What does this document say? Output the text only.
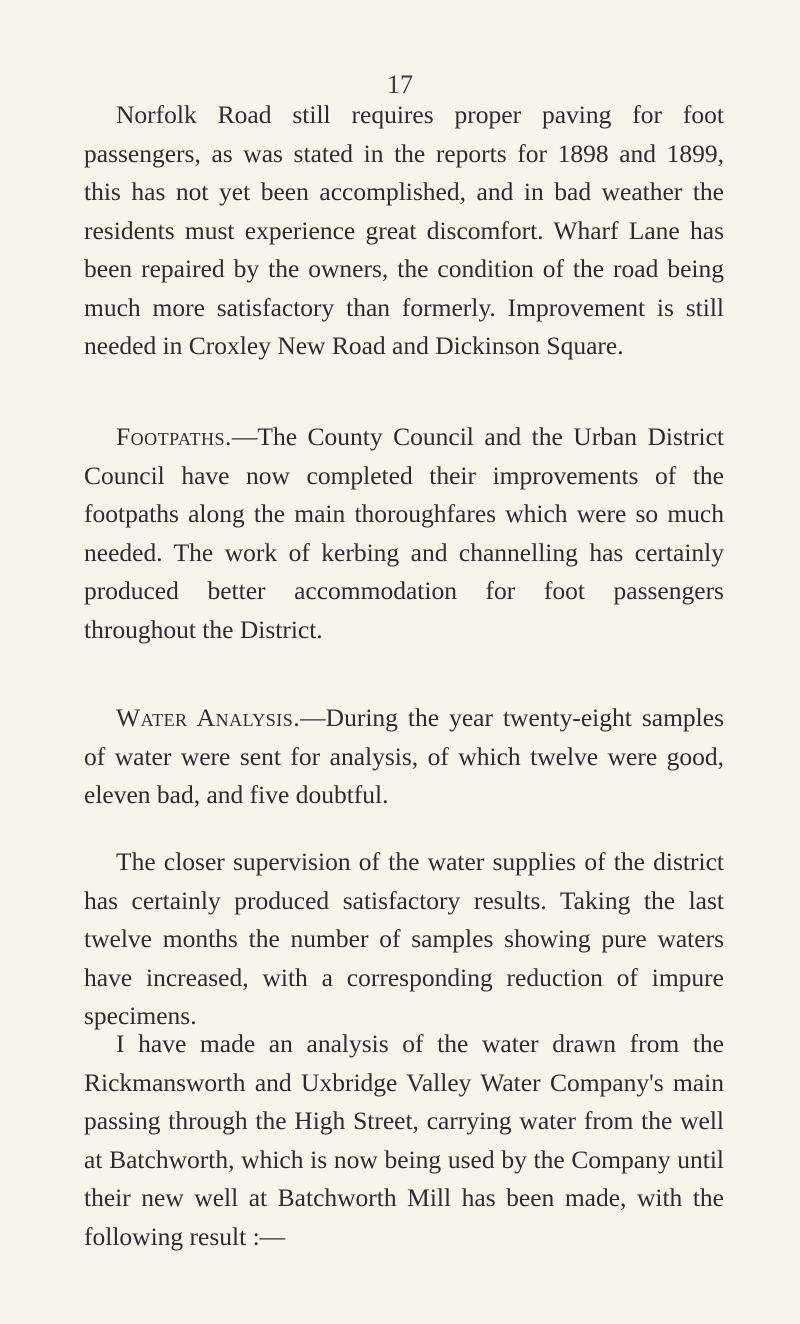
17

Norfolk Road still requires proper paving for foot passengers, as was stated in the reports for 1898 and 1899, this has not yet been accomplished, and in bad weather the residents must experience great discomfort. Wharf Lane has been repaired by the owners, the condition of the road being much more satisfactory than formerly. Improvement is still needed in Croxley New Road and Dickinson Square.

Footpaths.—The County Council and the Urban District Council have now completed their improvements of the footpaths along the main thoroughfares which were so much needed. The work of kerbing and channelling has certainly produced better accommodation for foot passengers throughout the District.

Water Analysis.—During the year twenty-eight samples of water were sent for analysis, of which twelve were good, eleven bad, and five doubtful.

The closer supervision of the water supplies of the district has certainly produced satisfactory results. Taking the last twelve months the number of samples showing pure waters have increased, with a corresponding reduction of impure specimens.

I have made an analysis of the water drawn from the Rickmansworth and Uxbridge Valley Water Company's main passing through the High Street, carrying water from the well at Batchworth, which is now being used by the Company until their new well at Batchworth Mill has been made, with the following result :—
